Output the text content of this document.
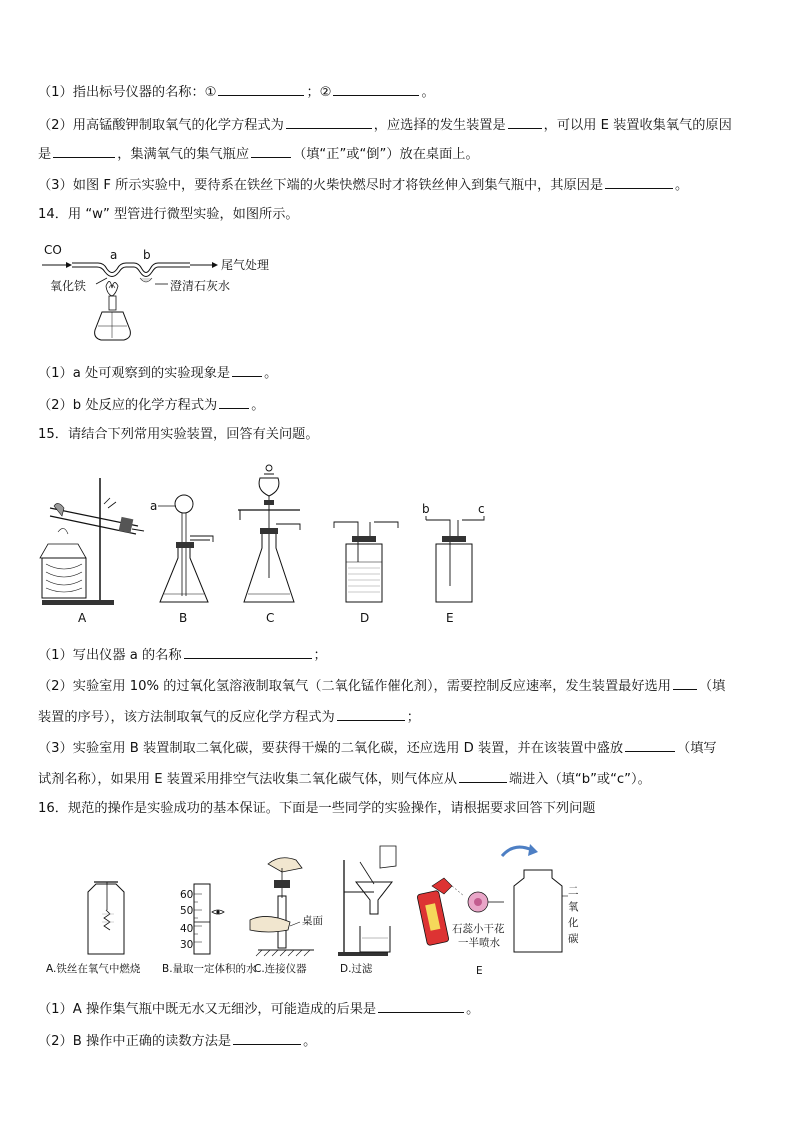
（1）指出标号仪器的名称：①	；②	。
（2）用高锰酸钾制取氧气的化学方程式为	，应选择的发生装置是	，可以用 E 装置收集氧气的原因
是	，集满氧气的集气瓶应	（填“正”或“倒”）放在桌面上。
（3）如图 F 所示实验中，要待系在铁丝下端的火柴快燃尽时才将铁丝伸入到集气瓶中，其原因是	。
14．用 “w” 型管进行微型实验，如图所示。
CO	a b
尾气处理
氧化铁	澄清石灰水
（1）a 处可观察到的实验现象是	。
（2）b 处反应的化学方程式为	。
15．请结合下列常用实验装置，回答有关问题。
A
a
B	C	D
b	c
E
（1）写出仪器 a 的名称	；
（2）实验室用 10% 的过氧化氢溶液制取氧气（二氧化锰作催化剂），需要控制反应速率，发生装置最好选用 （填
装置的序号），该方法制取氧气的反应化学方程式为	；
（3）实验室用 B 装置制取二氧化碳，要获得干燥的二氧化碳，还应选用 D 装置，并在该装置中盛放	（填写
试剂名称），如果用 E 装置采用排空气法收集二氧化碳气体，则气体应从	端进入（填“b”或“c”）。
16．规范的操作是实验成功的基本保证。下面是一些同学的实验操作，请根据要求回答下列问题
A.铁丝在氧气中燃烧
60
50
40
30
B.量取一定体积的水
桌面
C.连接仪器	D.过滤
石蕊小干花
一半喷水
二
氧
化
碳
E
（1）A 操作集气瓶中既无水又无细沙，可能造成的后果是	。
（2）B 操作中正确的读数方法是	。
